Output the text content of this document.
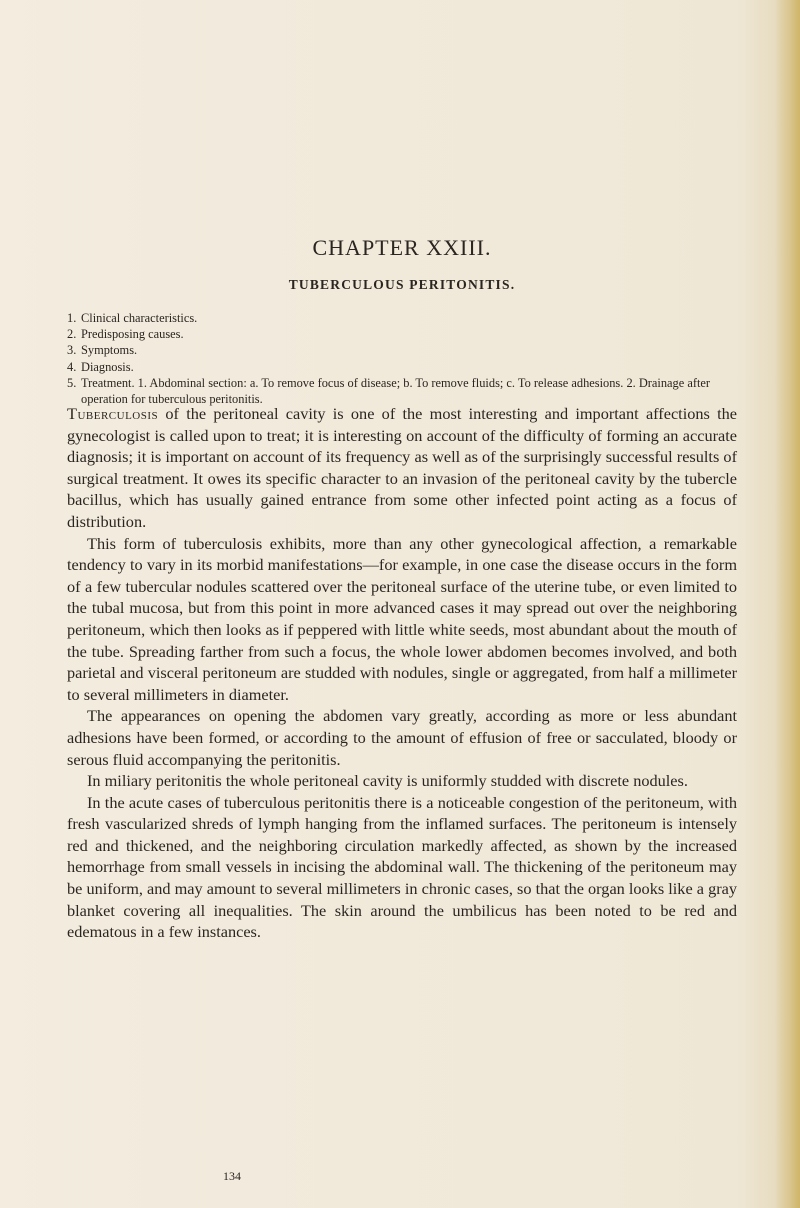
CHAPTER XXIII.
TUBERCULOUS PERITONITIS.
1. Clinical characteristics.
2. Predisposing causes.
3. Symptoms.
4. Diagnosis.
5. Treatment. 1. Abdominal section: a. To remove focus of disease; b. To remove fluids; c. To release adhesions. 2. Drainage after operation for tuberculous peritonitis.

Tuberculosis of the peritoneal cavity is one of the most interesting and important affections the gynecologist is called upon to treat; it is interesting on account of the difficulty of forming an accurate diagnosis; it is important on account of its frequency as well as of the surprisingly successful results of surgical treatment. It owes its specific character to an invasion of the peritoneal cavity by the tubercle bacillus, which has usually gained entrance from some other infected point acting as a focus of distribution.

This form of tuberculosis exhibits, more than any other gynecological affection, a remarkable tendency to vary in its morbid manifestations—for example, in one case the disease occurs in the form of a few tubercular nodules scattered over the peritoneal surface of the uterine tube, or even limited to the tubal mucosa, but from this point in more advanced cases it may spread out over the neighboring peritoneum, which then looks as if peppered with little white seeds, most abundant about the mouth of the tube. Spreading farther from such a focus, the whole lower abdomen becomes involved, and both parietal and visceral peritoneum are studded with nodules, single or aggregated, from half a millimeter to several millimeters in diameter.

The appearances on opening the abdomen vary greatly, according as more or less abundant adhesions have been formed, or according to the amount of effusion of free or sacculated, bloody or serous fluid accompanying the peritonitis.

In miliary peritonitis the whole peritoneal cavity is uniformly studded with discrete nodules.

In the acute cases of tuberculous peritonitis there is a noticeable congestion of the peritoneum, with fresh vascularized shreds of lymph hanging from the inflamed surfaces. The peritoneum is intensely red and thickened, and the neighboring circulation markedly affected, as shown by the increased hemorrhage from small vessels in incising the abdominal wall. The thickening of the peritoneum may be uniform, and may amount to several millimeters in chronic cases, so that the organ looks like a gray blanket covering all inequalities. The skin around the umbilicus has been noted to be red and edematous in a few instances.

134
